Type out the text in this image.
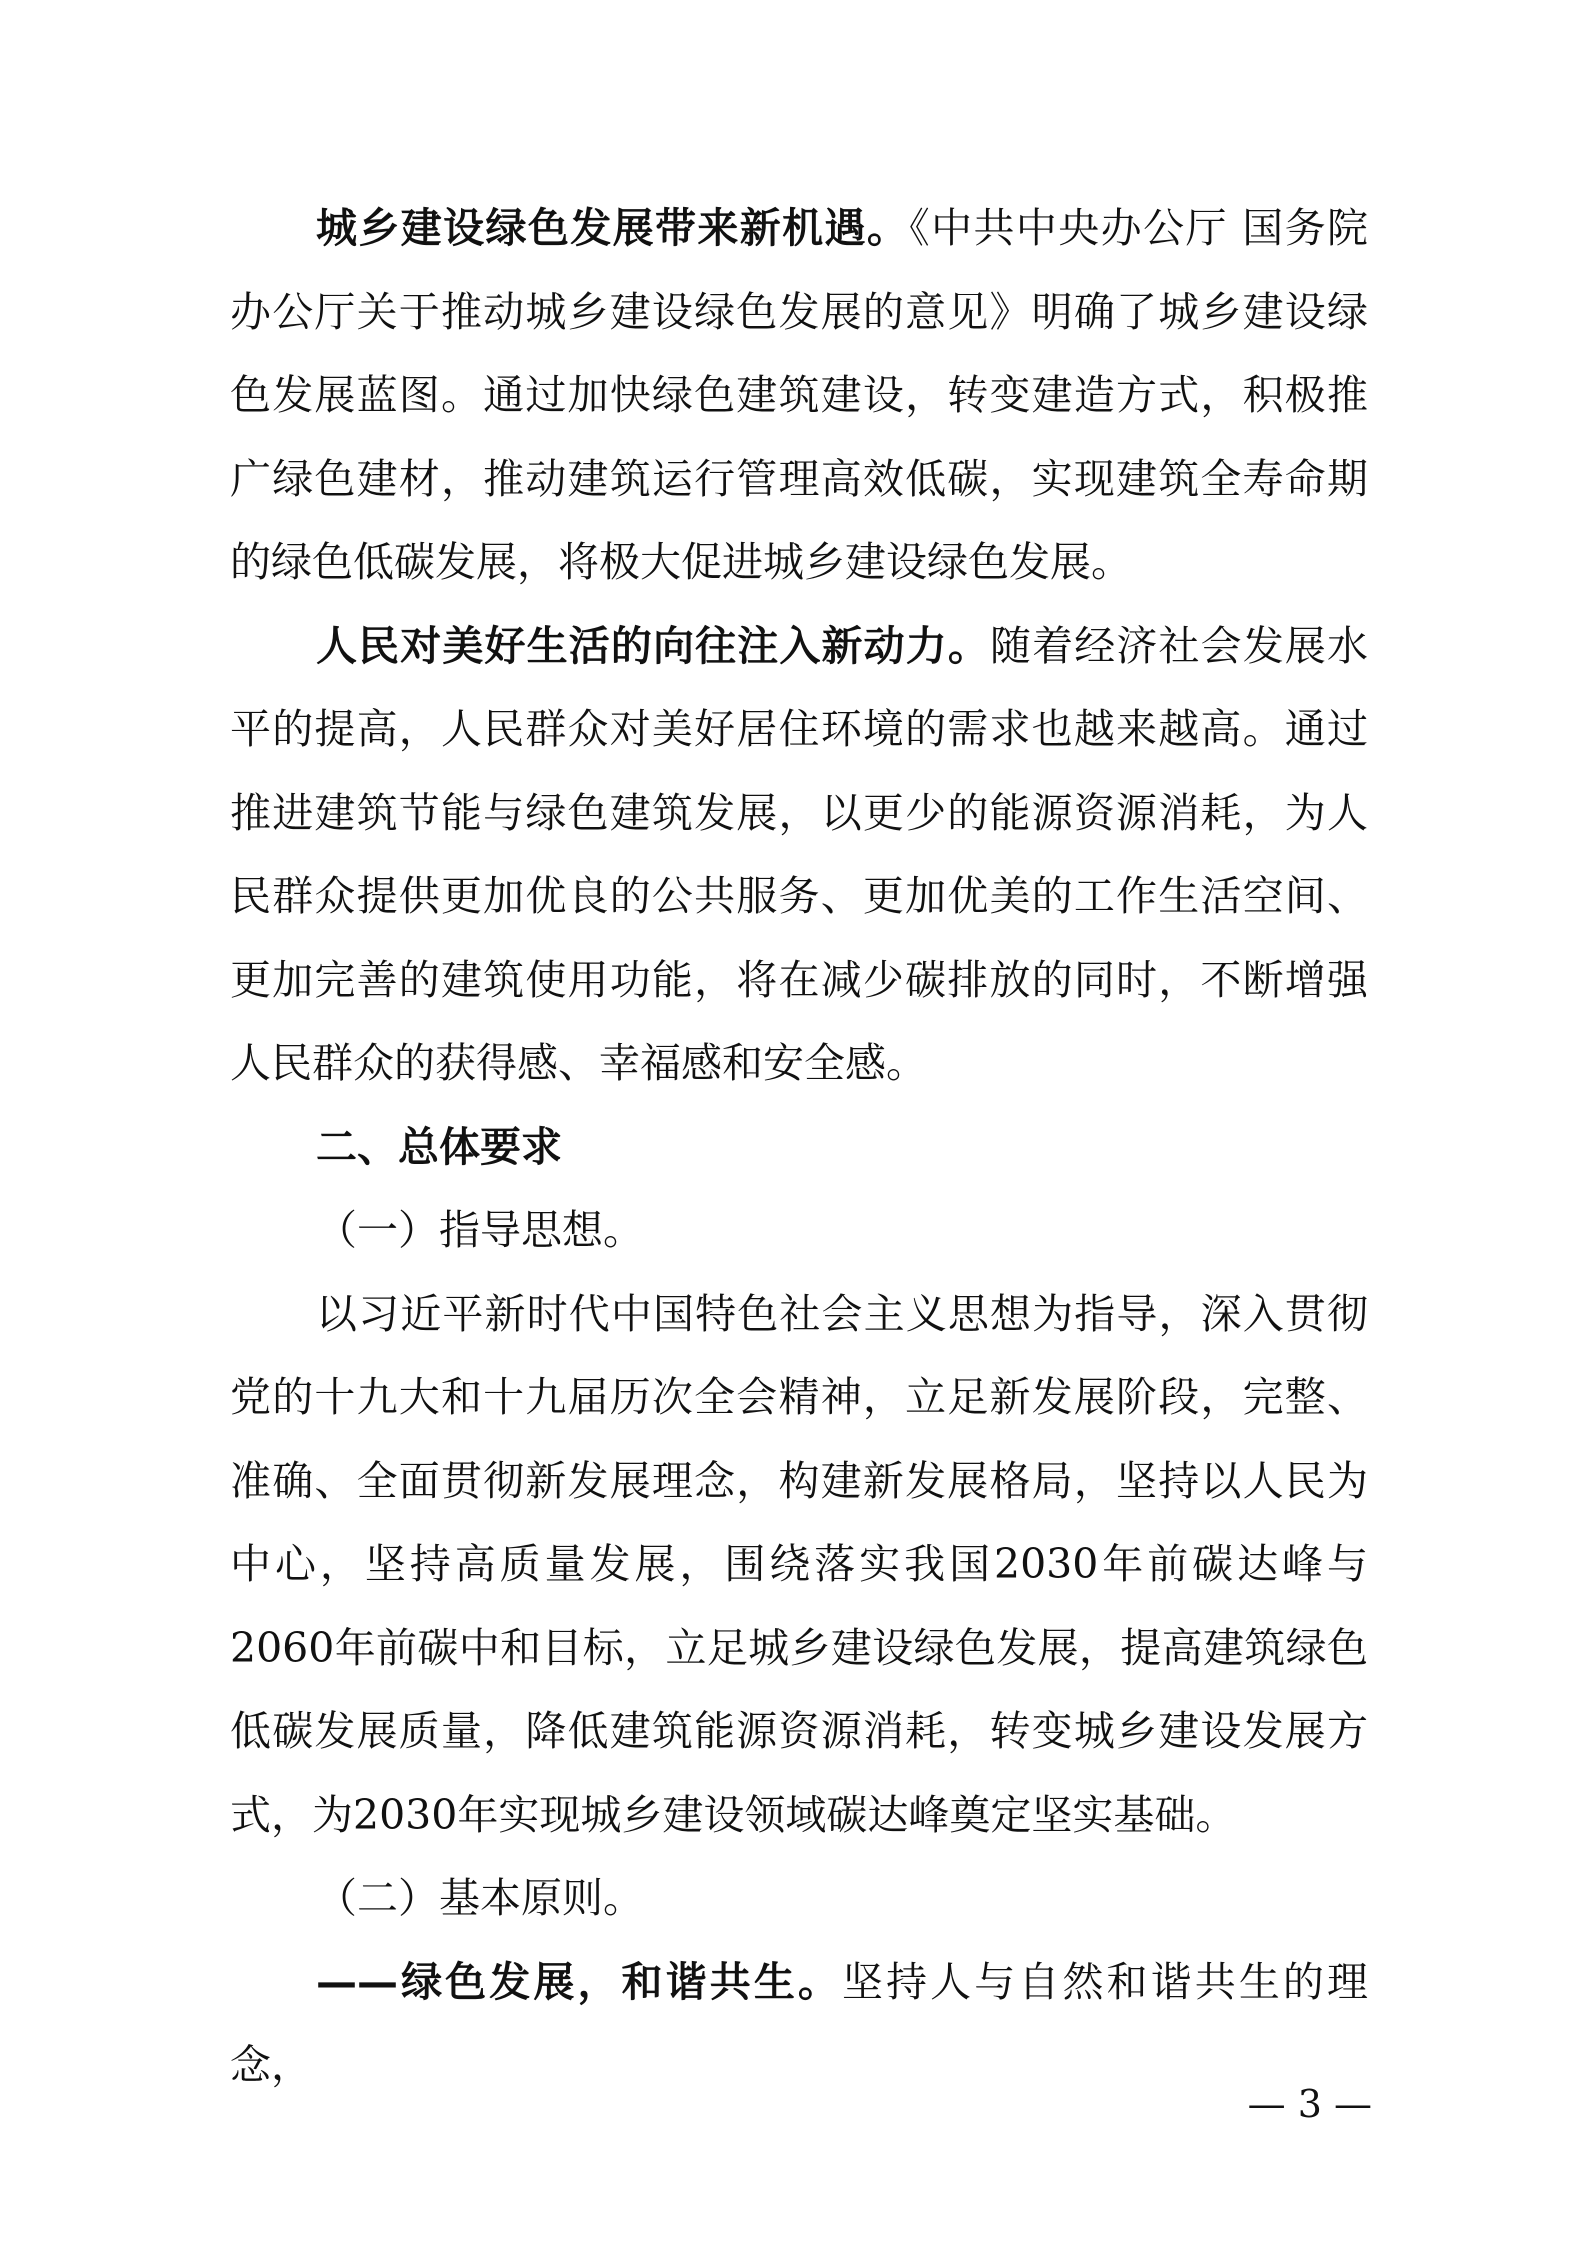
城乡建设绿色发展带来新机遇。《中共中央办公厅 国务院办公厅关于推动城乡建设绿色发展的意见》明确了城乡建设绿色发展蓝图。通过加快绿色建筑建设，转变建造方式，积极推广绿色建材，推动建筑运行管理高效低碳，实现建筑全寿命期的绿色低碳发展，将极大促进城乡建设绿色发展。

人民对美好生活的向往注入新动力。随着经济社会发展水平的提高，人民群众对美好居住环境的需求也越来越高。通过推进建筑节能与绿色建筑发展，以更少的能源资源消耗，为人民群众提供更加优良的公共服务、更加优美的工作生活空间、更加完善的建筑使用功能，将在减少碳排放的同时，不断增强人民群众的获得感、幸福感和安全感。

二、总体要求

（一）指导思想。

以习近平新时代中国特色社会主义思想为指导，深入贯彻党的十九大和十九届历次全会精神，立足新发展阶段，完整、准确、全面贯彻新发展理念，构建新发展格局，坚持以人民为中心，坚持高质量发展，围绕落实我国2030年前碳达峰与2060年前碳中和目标，立足城乡建设绿色发展，提高建筑绿色低碳发展质量，降低建筑能源资源消耗，转变城乡建设发展方式，为2030年实现城乡建设领域碳达峰奠定坚实基础。

（二）基本原则。

——绿色发展，和谐共生。坚持人与自然和谐共生的理念，

— 3 —
